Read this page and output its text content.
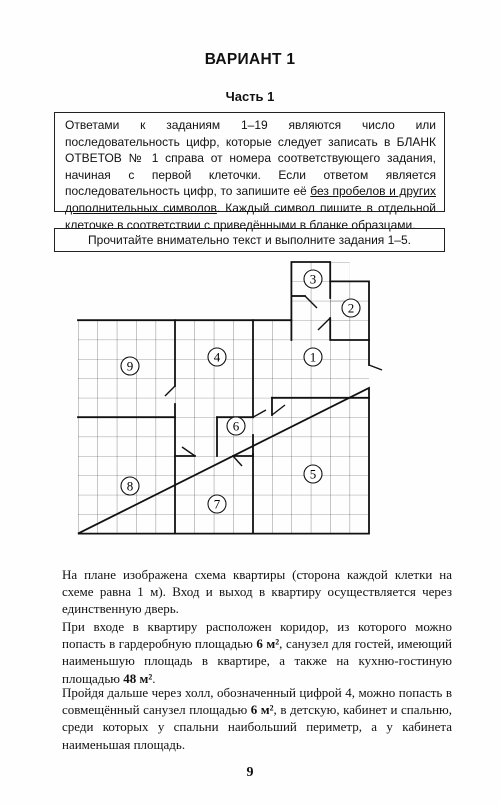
ВАРИАНТ 1
Часть 1

Ответами к заданиям 1–19 являются число или последовательность цифр, которые следует записать в БЛАНК ОТВЕТОВ № 1 справа от номера соответствующего задания, начиная с первой клеточки. Если ответом является последовательность цифр, то запишите её без пробелов и других дополнительных символов. Каждый символ пишите в отдельной клеточке в соответствии с приведёнными в бланке образцами.

Прочитайте внимательно текст и выполните задания 1–5.
1
2
3
4
5
6
7
8
9

На плане изображена схема квартиры (сторона каждой клетки на схеме равна 1 м). Вход и выход в квартиру осуществляется через единственную дверь.

При входе в квартиру расположен коридор, из которого можно попасть в гардеробную площадью 6 м², санузел для гостей, имеющий наименьшую площадь в квартире, а также на кухню-гостиную площадью 48 м².

Пройдя дальше через холл, обозначенный цифрой 4, можно попасть в совмещённый санузел площадью 6 м², в детскую, кабинет и спальню, среди которых у спальни наибольший периметр, а у кабинета наименьшая площадь.

9
